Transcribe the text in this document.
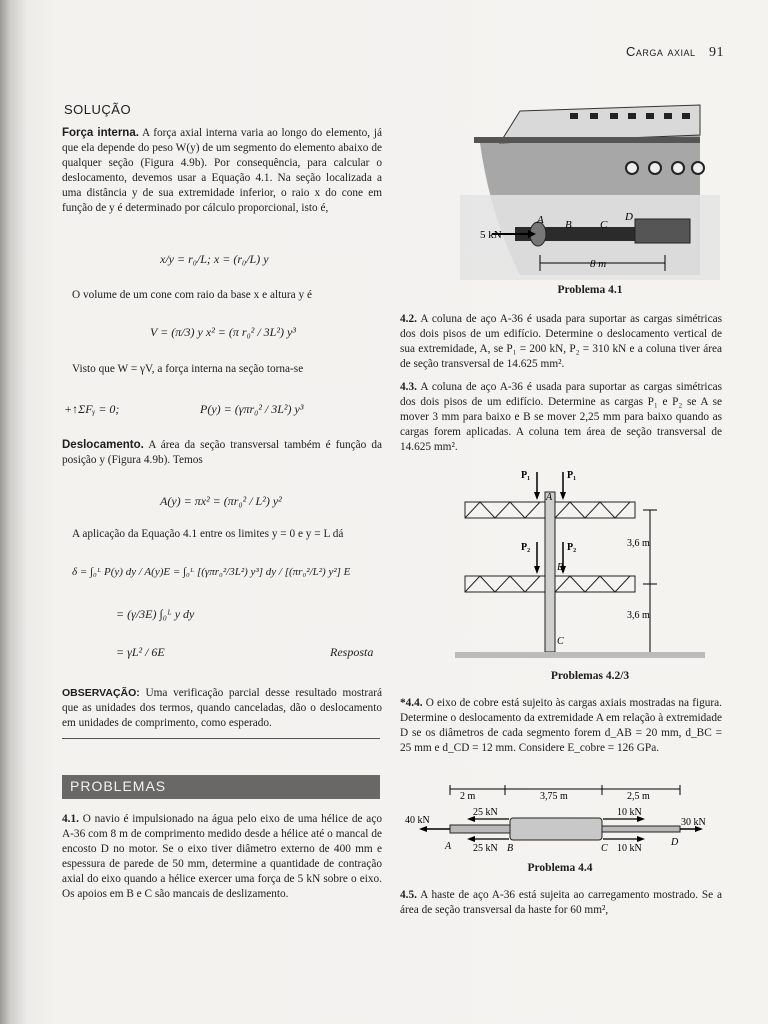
Carga axial 91
SOLUÇÃO
Força interna. A força axial interna varia ao longo do elemento, já que ela depende do peso W(y) de um segmento do elemento abaixo de qualquer seção (Figura 4.9b). Por consequência, para calcular o deslocamento, devemos usar a Equação 4.1. Na seção localizada a uma distância y de sua extremidade inferior, o raio x do cone em função de y é determinado por cálculo proporcional, isto é,
x/y = r₀/L; x = (r₀/L) y
O volume de um cone com raio da base x e altura y é
V = (π/3) y x² = (π r₀² / 3L²) y³
Visto que W = γV, a força interna na seção torna-se
+↑ΣFᵧ = 0;	P(y) = (γπr₀² / 3L²) y³
Deslocamento. A área da seção transversal também é função da posição y (Figura 4.9b). Temos
A(y) = πx² = (πr₀² / L²) y²
A aplicação da Equação 4.1 entre os limites y = 0 e y = L dá
δ = ∫₀ᴸ P(y) dy / A(y)E = ∫₀ᴸ [(γπr₀²/3L²) y³] dy / [(πr₀²/L²) y²] E
= (γ/3E) ∫₀ᴸ y dy
= γL² / 6E	Resposta
OBSERVAÇÃO: Uma verificação parcial desse resultado mostrará que as unidades dos termos, quando canceladas, dão o deslocamento em unidades de comprimento, como esperado.
PROBLEMAS
4.1. O navio é impulsionado na água pelo eixo de uma hélice de aço A-36 com 8 m de comprimento medido desde a hélice até o mancal de encosto D no motor. Se o eixo tiver diâmetro externo de 400 mm e espessura de parede de 50 mm, determine a quantidade de contração axial do eixo quando a hélice exercer uma força de 5 kN sobre o eixo. Os apoios em B e C são mancais de deslizamento.
5 kN
A B	C
D
8 m
Problema 4.1
4.2. A coluna de aço A-36 é usada para suportar as cargas simétricas dos dois pisos de um edifício. Determine o deslocamento vertical de sua extremidade, A, se P₁ = 200 kN, P₂ = 310 kN e a coluna tiver área de seção transversal de 14.625 mm².
4.3. A coluna de aço A-36 é usada para suportar as cargas simétricas dos dois pisos de um edifício. Determine as cargas P₁ e P₂ se A se mover 3 mm para baixo e B se mover 2,25 mm para baixo quando as cargas forem aplicadas. A coluna tem área de seção transversal de 14.625 mm².
P₁	P₁
P₂	P₂
A
B
C
3,6 m
3,6 m
Problemas 4.2/3
*4.4. O eixo de cobre está sujeito às cargas axiais mostradas na figura. Determine o deslocamento da extremidade A em relação à extremidade D se os diâmetros de cada segmento forem d_AB = 20 mm, d_BC = 25 mm e d_CD = 12 mm. Considere E_cobre = 126 GPa.
2 m	3,75 m	2,5 m
40 kN
25 kN
25 kN
10 kN
10 kN
30 kN
A	B	C
D
Problema 4.4
4.5. A haste de aço A-36 está sujeita ao carregamento mostrado. Se a área de seção transversal da haste for 60 mm²,
